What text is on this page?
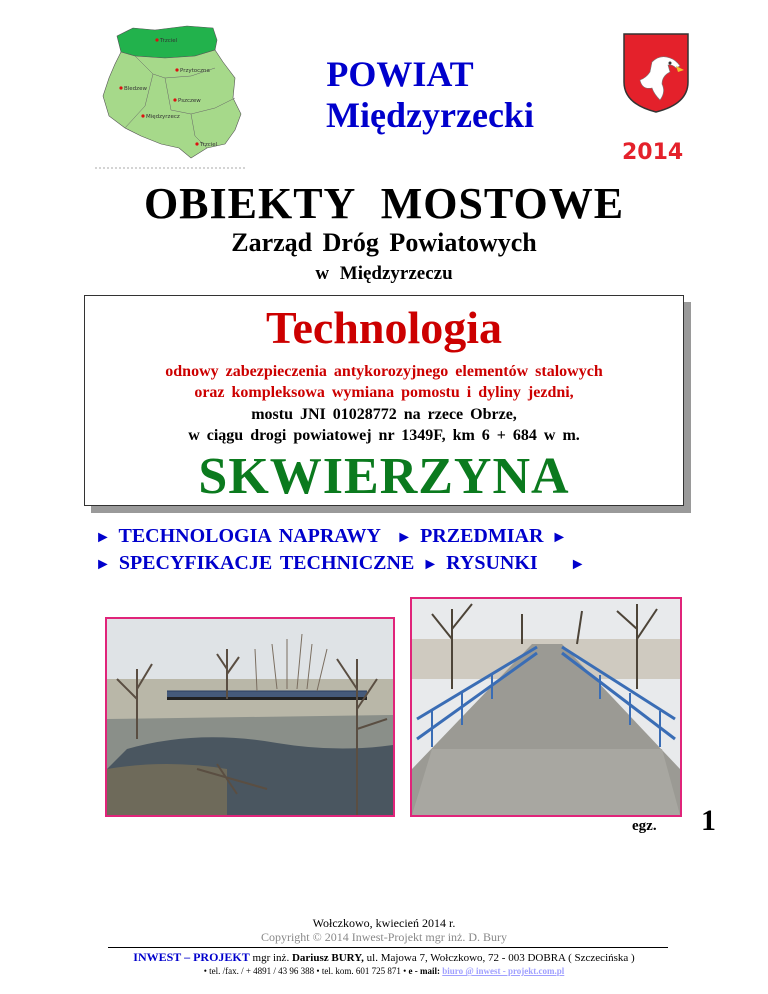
Trzciel
Przytoczna
Bledzew
Pszczew
Międzyrzecz
Trzciel
POWIAT
Międzyrzecki
2014
OBIEKTY MOSTOWE
Zarząd Dróg Powiatowych
w Międzyrzeczu
Technologia
odnowy zabezpieczenia antykorozyjnego elementów stalowych
oraz kompleksowa wymiana pomostu i dyliny jezdni,
mostu JNI 01028772 na rzece Obrze,
w ciągu drogi powiatowej nr 1349F, km 6 + 684 w m.
SKWIERZYNA
► TECHNOLOGIA NAPRAWY ► PRZEDMIAR ►
► SPECYFIKACJE TECHNICZNE ► RYSUNKI ►
egz. 1
Wołczkowo, kwiecień 2014 r.
Copyright © 2014 Inwest-Projekt mgr inż. D. Bury
INWEST – PROJEKT mgr inż. Dariusz BURY, ul. Majowa 7, Wołczkowo, 72 - 003 DOBRA ( Szczecińska )
• tel. /fax. / + 4891 / 43 96 388 • tel. kom. 601 725 871 • e - mail: biuro @ inwest - projekt.com.pl
